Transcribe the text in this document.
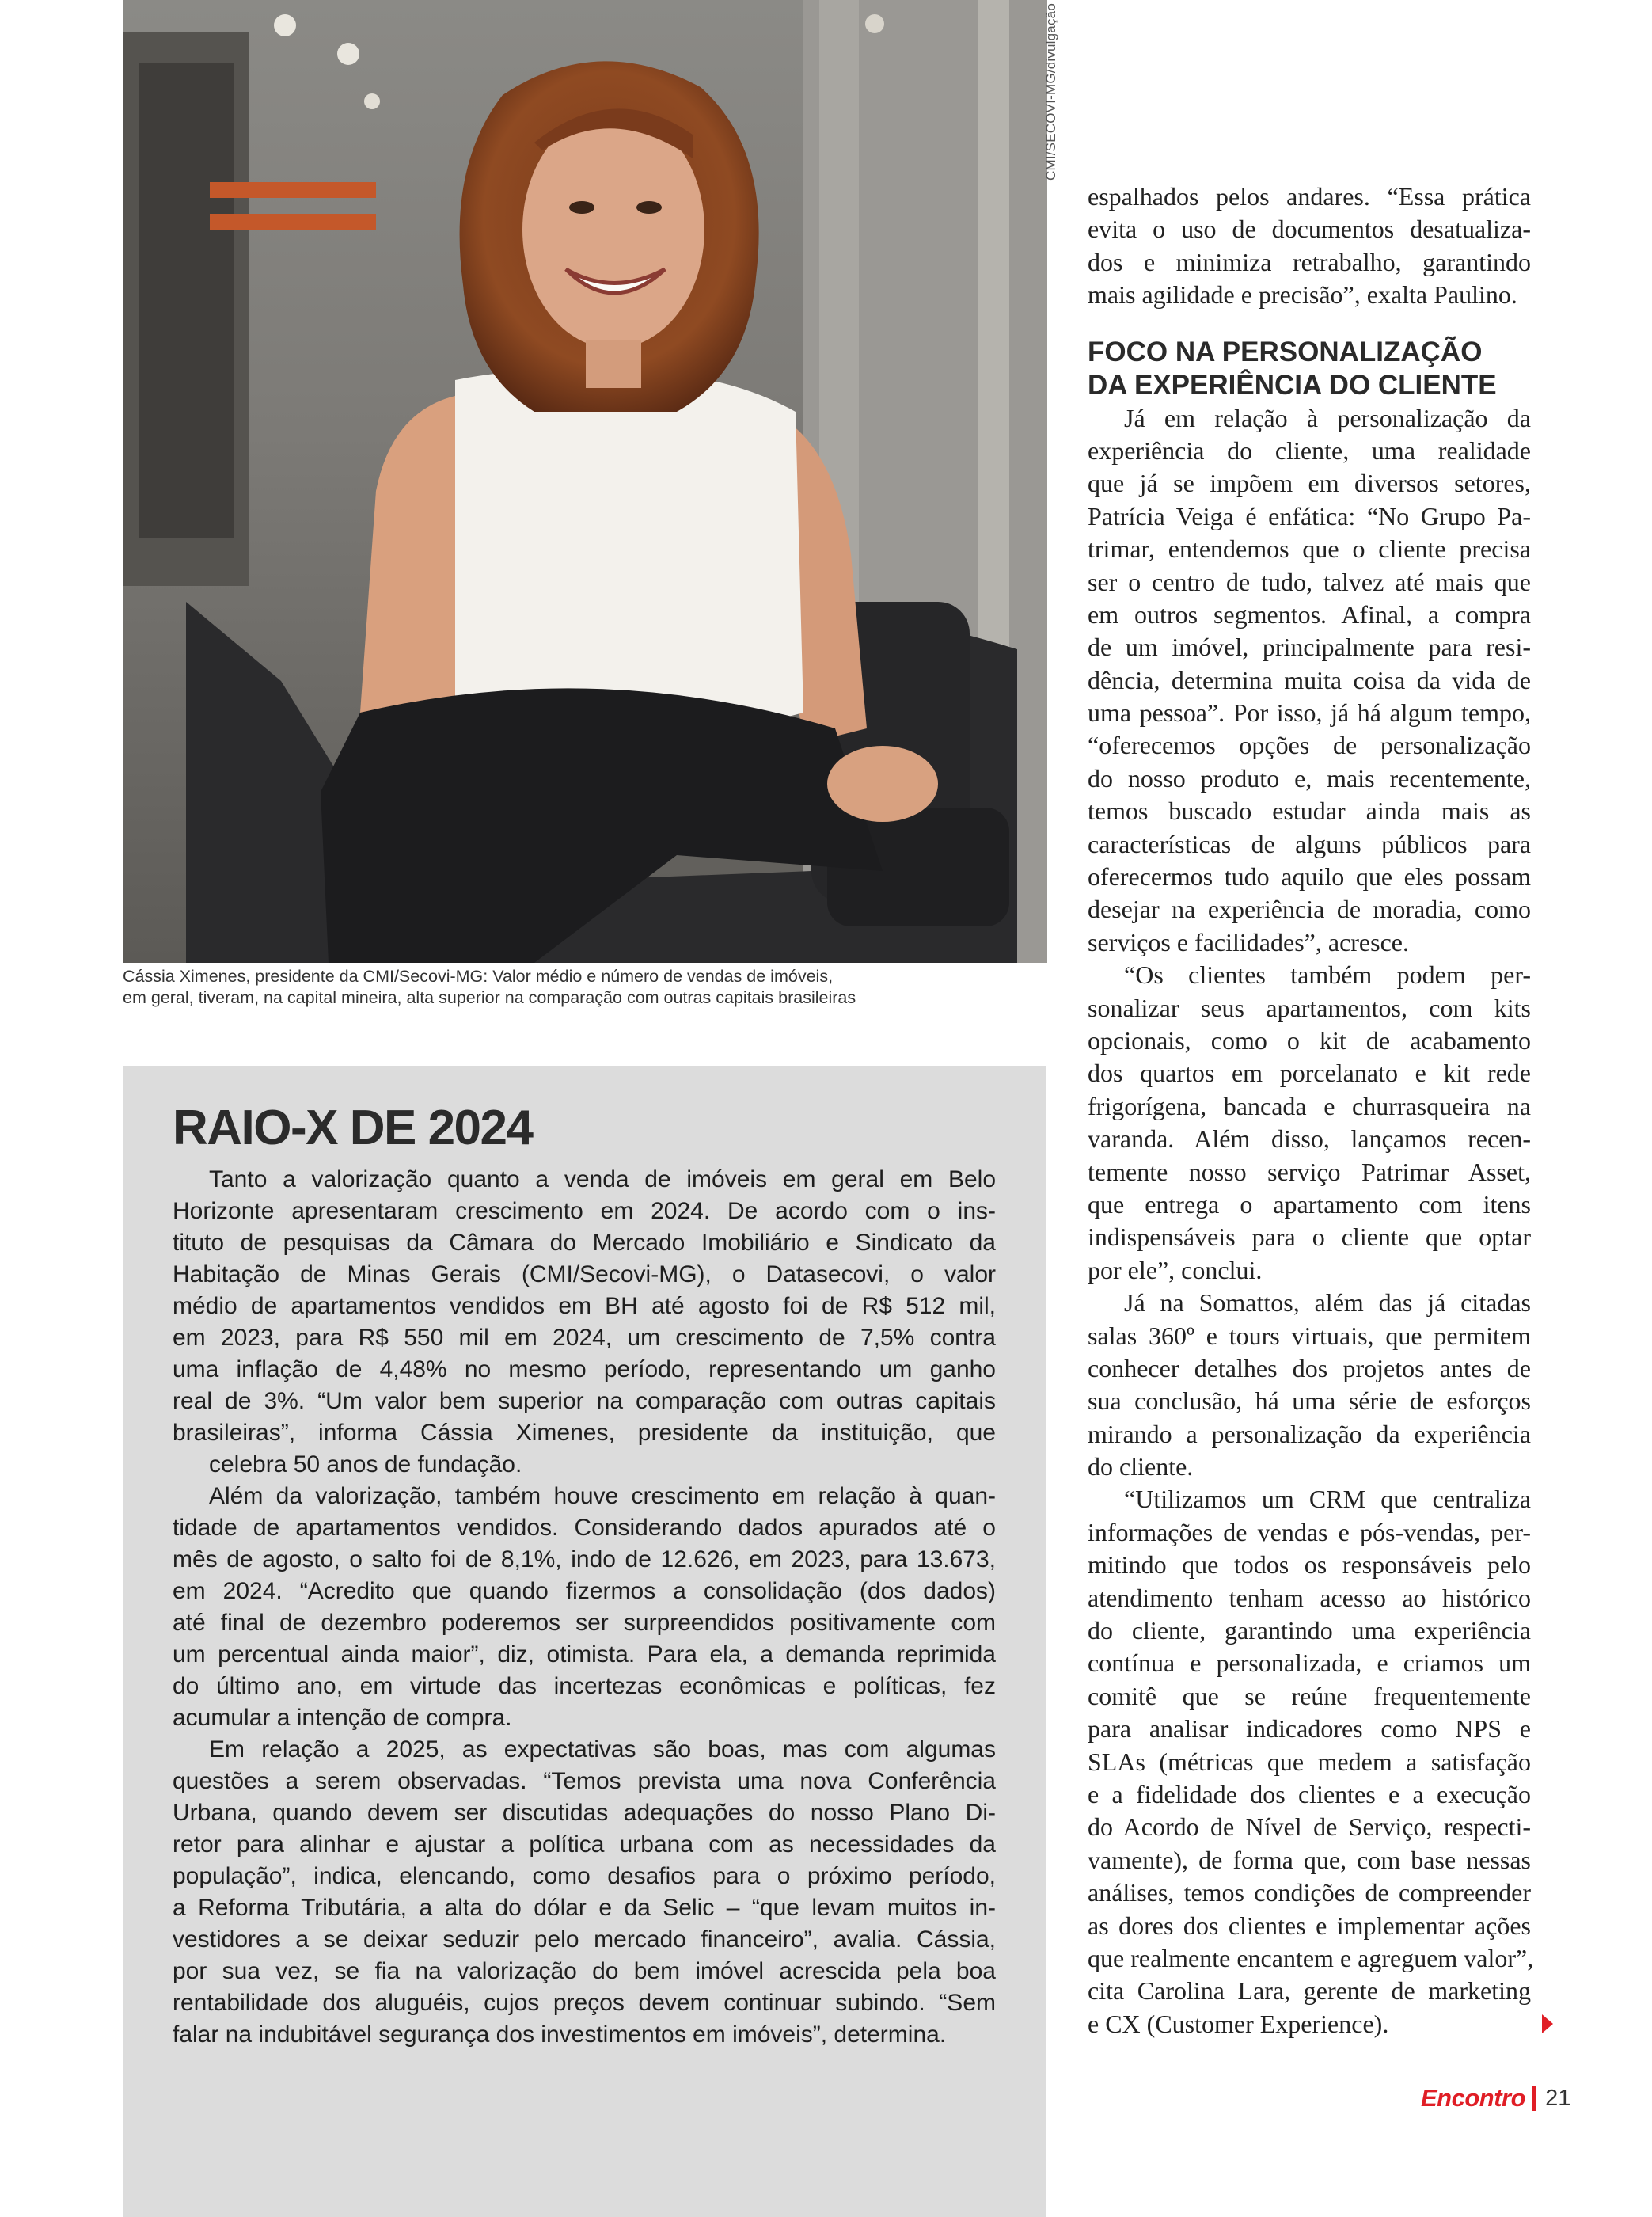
CMI/SECOVI-MG/divulgação
Cássia Ximenes, presidente da CMI/Secovi-MG: Valor médio e número de vendas de imóveis,
em geral, tiveram, na capital mineira, alta superior na comparação com outras capitais brasileiras
RAIO-X DE 2024
Tanto a valorização quanto a venda de imóveis em geral em Belo
Horizonte apresentaram crescimento em 2024. De acordo com o ins-
tituto de pesquisas da Câmara do Mercado Imobiliário e Sindicato da
Habitação de Minas Gerais (CMI/Secovi-MG), o Datasecovi, o valor
médio de apartamentos vendidos em BH até agosto foi de R$ 512 mil,
em 2023, para R$ 550 mil em 2024, um crescimento de 7,5% contra
uma inflação de 4,48% no mesmo período, representando um ganho
real de 3%. “Um valor bem superior na comparação com outras capitais
brasileiras”, informa Cássia Ximenes, presidente da instituição, que
celebra 50 anos de fundação.
Além da valorização, também houve crescimento em relação à quan-
tidade de apartamentos vendidos. Considerando dados apurados até o
mês de agosto, o salto foi de 8,1%, indo de 12.626, em 2023, para 13.673,
em 2024. “Acredito que quando fizermos a consolidação (dos dados)
até final de dezembro poderemos ser surpreendidos positivamente com
um percentual ainda maior”, diz, otimista. Para ela, a demanda reprimida
do último ano, em virtude das incertezas econômicas e políticas, fez
acumular a intenção de compra.
Em relação a 2025, as expectativas são boas, mas com algumas
questões a serem observadas. “Temos prevista uma nova Conferência
Urbana, quando devem ser discutidas adequações do nosso Plano Di-
retor para alinhar e ajustar a política urbana com as necessidades da
população”, indica, elencando, como desafios para o próximo período,
a Reforma Tributária, a alta do dólar e da Selic – “que levam muitos in-
vestidores a se deixar seduzir pelo mercado financeiro”, avalia. Cássia,
por sua vez, se fia na valorização do bem imóvel acrescida pela boa
rentabilidade dos aluguéis, cujos preços devem continuar subindo. “Sem
falar na indubitável segurança dos investimentos em imóveis”, determina.
espalhados pelos andares. “Essa prática
evita o uso de documentos desatualiza-
dos e minimiza retrabalho, garantindo
mais agilidade e precisão”, exalta Paulino.
FOCO NA PERSONALIZAÇÃO
DA EXPERIÊNCIA DO CLIENTE
Já em relação à personalização da
experiência do cliente, uma realidade
que já se impõem em diversos setores,
Patrícia Veiga é enfática: “No Grupo Pa-
trimar, entendemos que o cliente precisa
ser o centro de tudo, talvez até mais que
em outros segmentos. Afinal, a compra
de um imóvel, principalmente para resi-
dência, determina muita coisa da vida de
uma pessoa”. Por isso, já há algum tempo,
“oferecemos opções de personalização
do nosso produto e, mais recentemente,
temos buscado estudar ainda mais as
características de alguns públicos para
oferecermos tudo aquilo que eles possam
desejar na experiência de moradia, como
serviços e facilidades”, acresce.
“Os clientes também podem per-
sonalizar seus apartamentos, com kits
opcionais, como o kit de acabamento
dos quartos em porcelanato e kit rede
frigorígena, bancada e churrasqueira na
varanda. Além disso, lançamos recen-
temente nosso serviço Patrimar Asset,
que entrega o apartamento com itens
indispensáveis para o cliente que optar
por ele”, conclui.
Já na Somattos, além das já citadas
salas 360º e tours virtuais, que permitem
conhecer detalhes dos projetos antes de
sua conclusão, há uma série de esforços
mirando a personalização da experiência
do cliente.
“Utilizamos um CRM que centraliza
informações de vendas e pós-vendas, per-
mitindo que todos os responsáveis pelo
atendimento tenham acesso ao histórico
do cliente, garantindo uma experiência
contínua e personalizada, e criamos um
comitê que se reúne frequentemente
para analisar indicadores como NPS e
SLAs (métricas que medem a satisfação
e a fidelidade dos clientes e a execução
do Acordo de Nível de Serviço, respecti-
vamente), de forma que, com base nessas
análises, temos condições de compreender
as dores dos clientes e implementar ações
que realmente encantem e agreguem valor”,
cita Carolina Lara, gerente de marketing
e CX (Customer Experience).
Encontro 21
